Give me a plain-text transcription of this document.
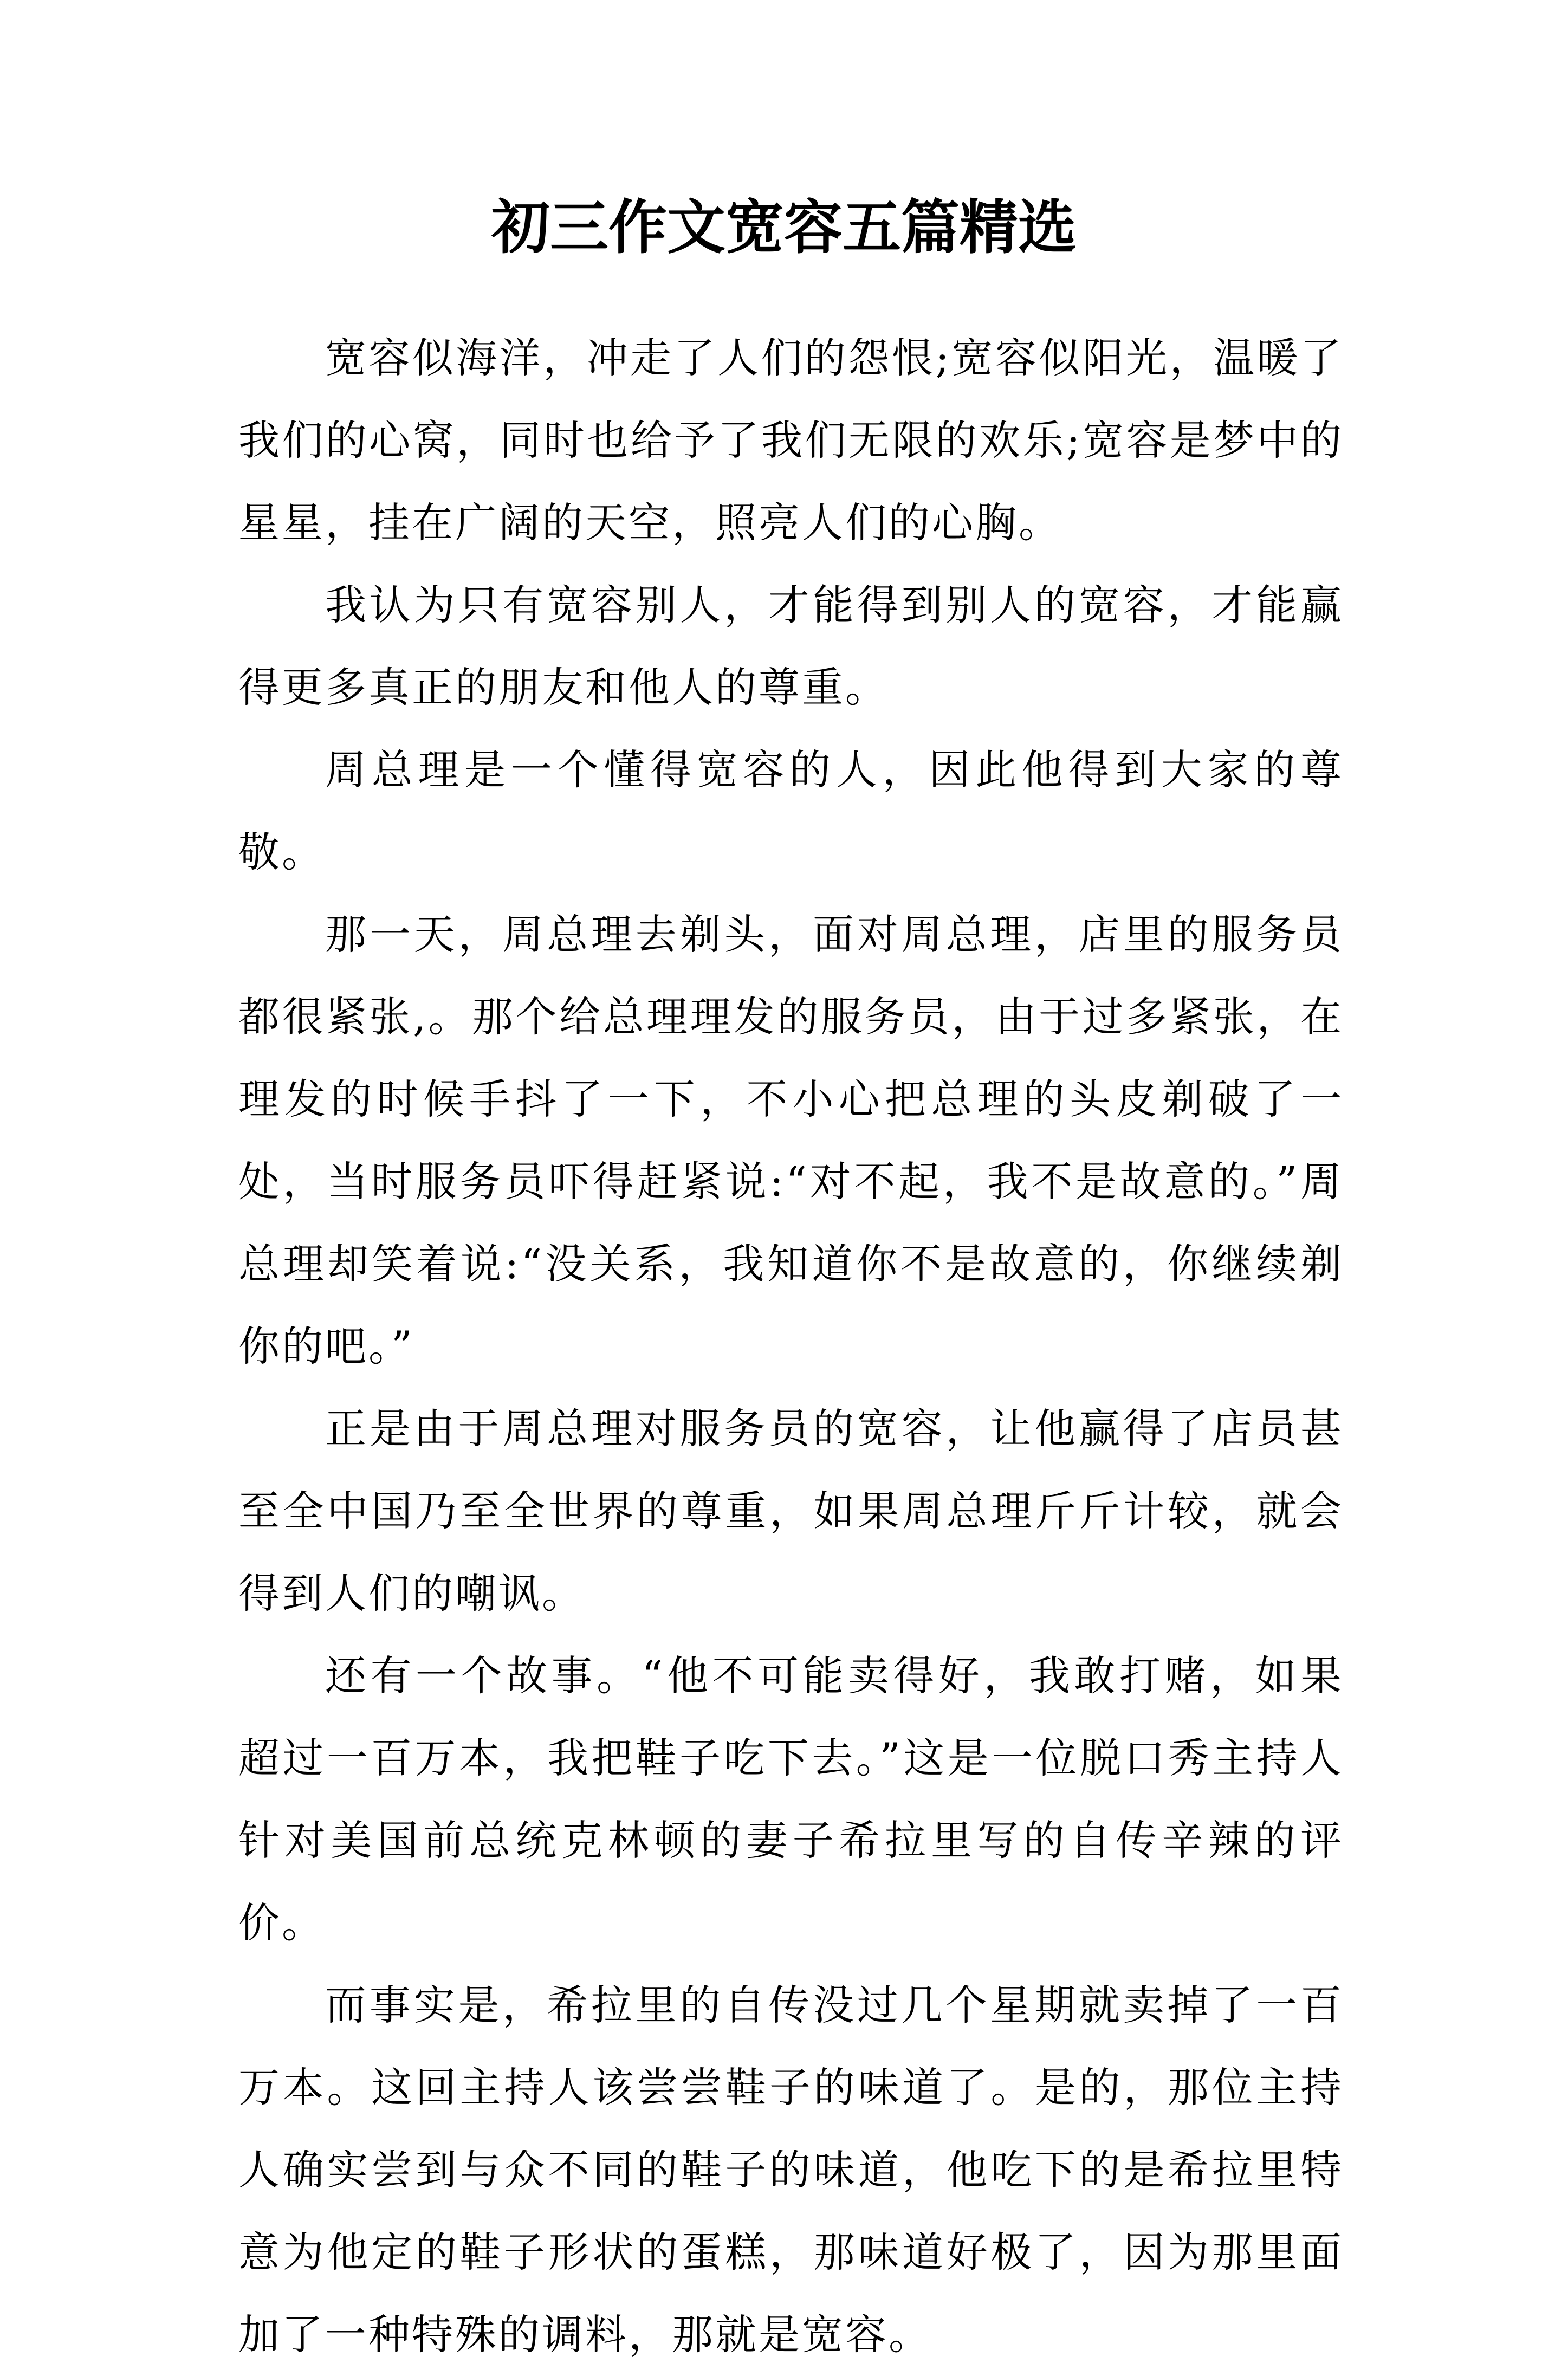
初三作文宽容五篇精选

宽容似海洋，冲走了人们的怨恨;宽容似阳光，温暖了我们的心窝，同时也给予了我们无限的欢乐;宽容是梦中的星星，挂在广阔的天空，照亮人们的心胸。

我认为只有宽容别人，才能得到别人的宽容，才能赢得更多真正的朋友和他人的尊重。

周总理是一个懂得宽容的人，因此他得到大家的尊敬。

那一天，周总理去剃头，面对周总理，店里的服务员都很紧张,。那个给总理理发的服务员，由于过多紧张，在理发的时候手抖了一下，不小心把总理的头皮剃破了一处，当时服务员吓得赶紧说:“对不起，我不是故意的。”周总理却笑着说:“没关系，我知道你不是故意的，你继续剃你的吧。”

正是由于周总理对服务员的宽容，让他赢得了店员甚至全中国乃至全世界的尊重，如果周总理斤斤计较，就会得到人们的嘲讽。

还有一个故事。“他不可能卖得好，我敢打赌，如果超过一百万本，我把鞋子吃下去。”这是一位脱口秀主持人针对美国前总统克林顿的妻子希拉里写的自传辛辣的评价。

而事实是，希拉里的自传没过几个星期就卖掉了一百万本。这回主持人该尝尝鞋子的味道了。是的，那位主持人确实尝到与众不同的鞋子的味道，他吃下的是希拉里特意为他定的鞋子形状的蛋糕，那味道好极了，因为那里面加了一种特殊的调料，那就是宽容。
